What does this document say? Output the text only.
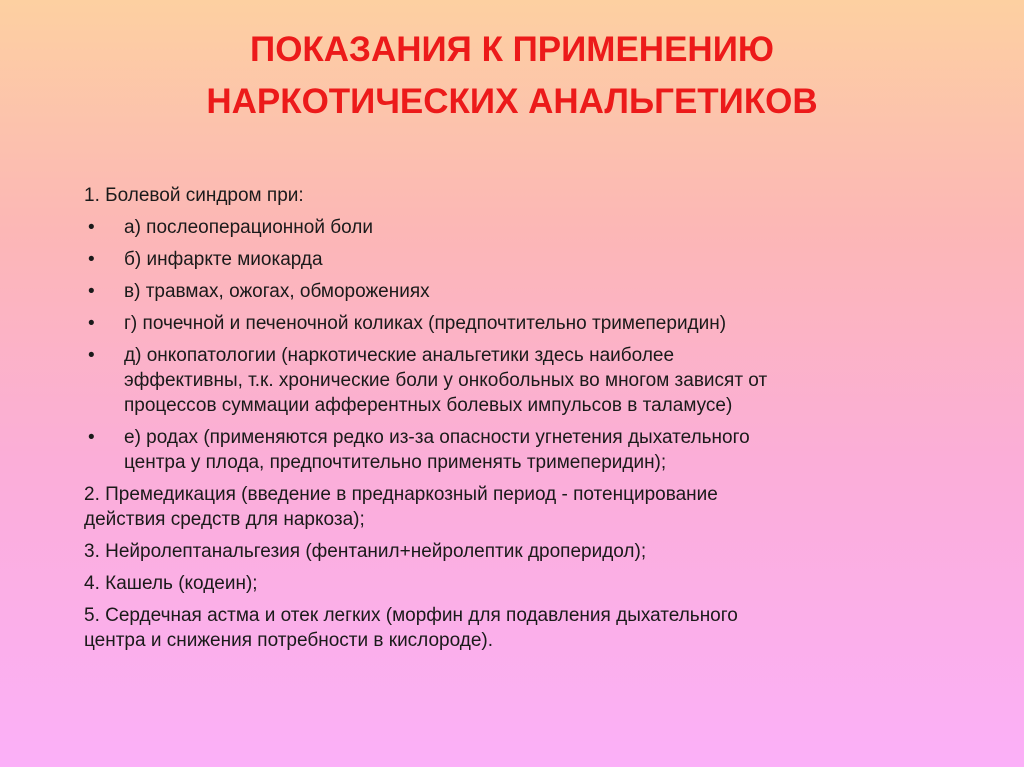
ПОКАЗАНИЯ К ПРИМЕНЕНИЮ
НАРКОТИЧЕСКИХ АНАЛЬГЕТИКОВ
1. Болевой синдром при:
•	а) послеоперационной боли
•	б) инфаркте миокарда
•	в) травмах, ожогах, обморожениях
•	г) почечной и печеночной коликах (предпочтительно тримеперидин)
•	д) онкопатологии (наркотические анальгетики здесь наиболее
эффективны, т.к. хронические боли у онкобольных во многом зависят от
процессов суммации афферентных болевых импульсов в таламусе)
•	е) родах (применяются редко из-за опасности угнетения дыхательного
центра у плода, предпочтительно применять тримеперидин);
2. Премедикация (введение в преднаркозный период - потенцирование
действия средств для наркоза);
3. Нейролептанальгезия (фентанил+нейролептик дроперидол);
4. Кашель (кодеин);
5. Сердечная астма и отек легких (морфин для подавления дыхательного
центра и снижения потребности в кислороде).
